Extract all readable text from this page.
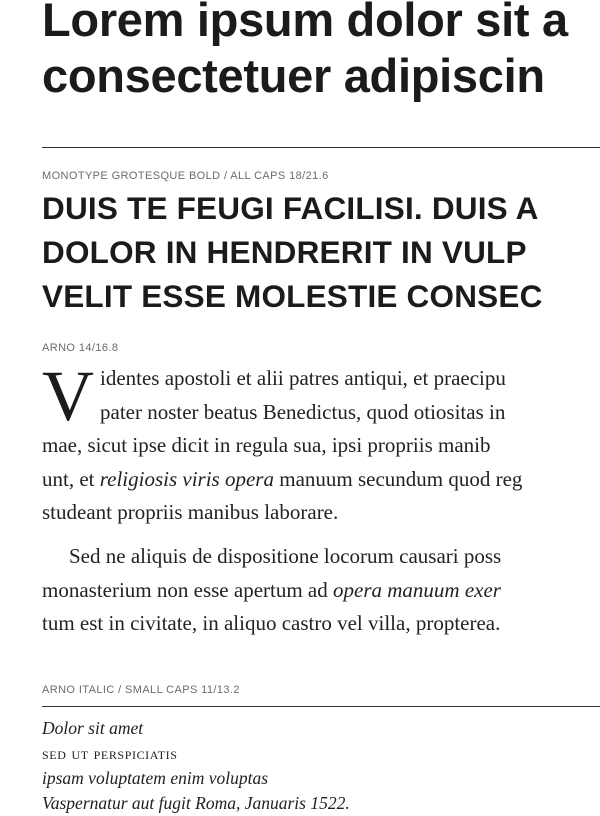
Lorem ipsum dolor sit a
consectetuer adipiscin
MONOTYPE GROTESQUE BOLD / ALL CAPS 18/21.6
DUIS TE FEUGI FACILISI. DUIS A
DOLOR IN HENDRERIT IN VULP
VELIT ESSE MOLESTIE CONSEC
ARNO 14/16.8
V identes apostoli et alii patres antiqui, et praecipu
pater noster beatus Benedictus, quod otiositas in
mae, sicut ipse dicit in regula sua, ipsi propriis manib
unt, et religiosis viris opera manuum secundum quod reg
studeant propriis manibus laborare.
Sed ne aliquis de dispositione locorum causari poss
monasterium non esse apertum ad opera manuum exer
tum est in civitate, in aliquo castro vel villa, propterea.
ARNO ITALIC / SMALL CAPS 11/13.2
Dolor sit amet
sed ut perspiciatis
ipsam voluptatem enim voluptas
Vaspernatur aut fugit Roma, Januaris 1522.
